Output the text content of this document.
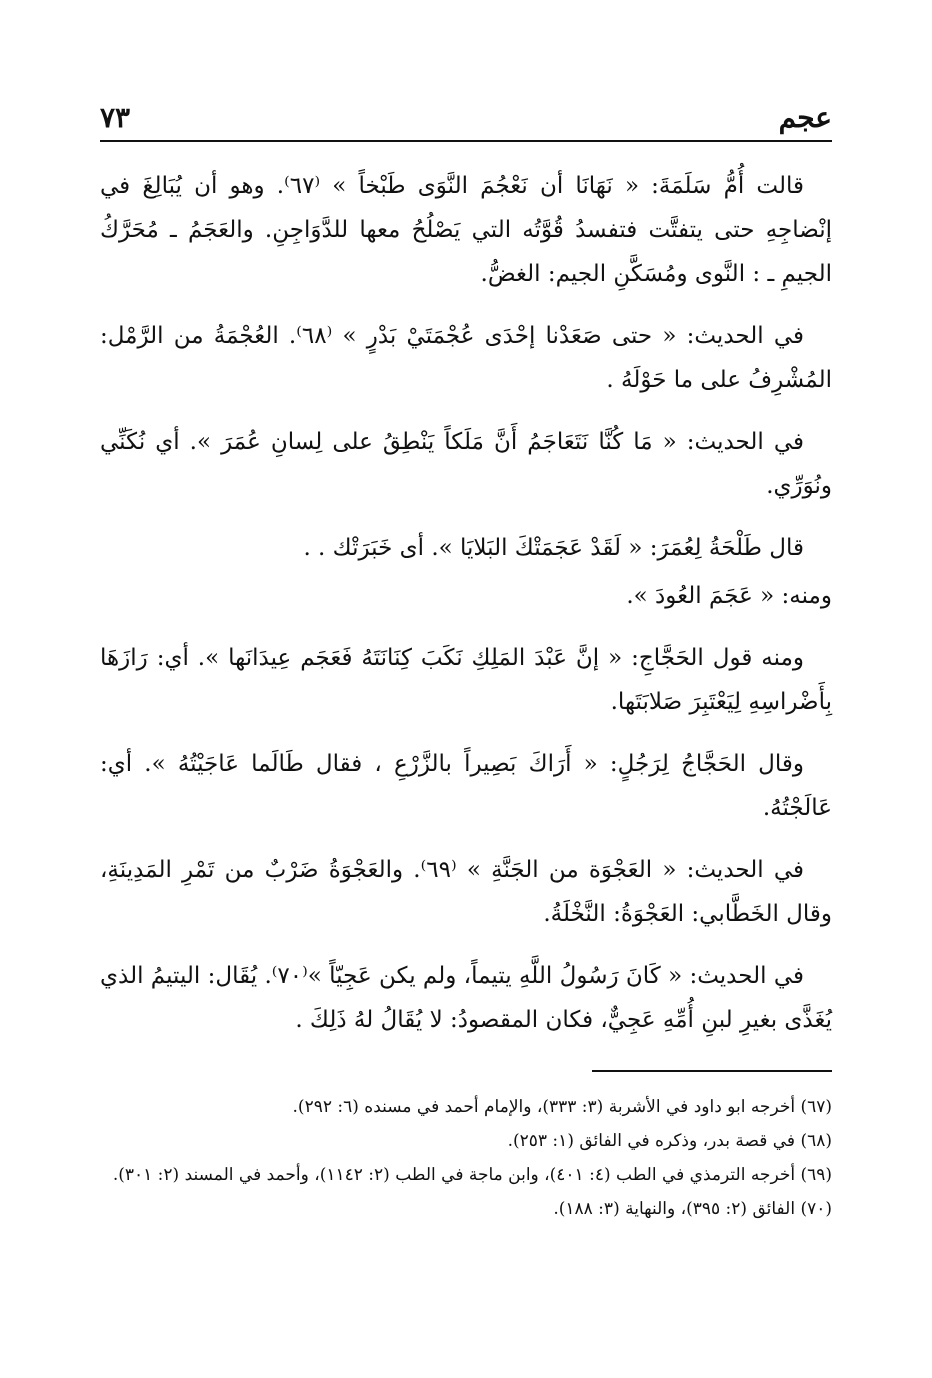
عجم
٧٣

قالت أُمُّ سَلَمَةَ: « نَهَانَا أن نَعْجُمَ النَّوَى طَبْخاً » ⁽٦٧⁾. وهو أن يُبَالِغَ في إنْضاجِهِ حتى يتفتَّت فتفسدُ قُوَّتُه التي يَصْلُحُ معها للدَّوَاجِنِ. والعَجَمُ ـ مُحَرَّكُ الجيمِ ـ : النَّوى ومُسَكَّنِ الجيم: الغضُّ.

في الحديث: « حتى صَعَدْنا إحْدَى عُجْمَتَيْ بَدْرٍ » ⁽٦٨⁾. العُجْمَةُ من الرَّمْل: المُشْرِفُ على ما حَوْلَهُ .

في الحديث: « مَا كُنَّا نَتَعَاجَمُ أَنَّ مَلَكاً يَنْطِقُ على لِسانِ عُمَرَ ». أي نُكَنِّي ونُوَرِّي.

قال طَلْحَةُ لِعُمَرَ: « لَقَدْ عَجَمَتْكَ البَلايَا ». أى خَبَرَتْك . .

ومنه: « عَجَمَ العُودَ ».

ومنه قول الحَجَّاجِ: « إنَّ عَبْدَ المَلِكِ نَكَبَ كِنَانَتَهُ فَعَجَم عِيدَانَها ». أي: رَازَهَا بِأَضْراسِهِ لِيَعْتَبِرَ صَلابَتَها.

وقال الحَجَّاجُ لِرَجُلٍ: « أَرَاكَ بَصِيراً بالزَّرْعِ ، فقال طَالَما عَاجَيْتُهُ ». أي: عَالَجْتُهُ.

في الحديث: « العَجْوَة من الجَنَّةِ » ⁽٦٩⁾. والعَجْوَةُ ضَرْبٌ من تَمْرِ المَدِينَةِ، وقال الخَطَّابي: العَجْوَةُ: النَّخْلَةُ.

في الحديث: « كَانَ رَسُولُ اللَّهِ يتيماً، ولم يكن عَجِيّاً »⁽٧٠⁾. يُقَال: اليتيمُ الذي يُغَذَّى بغيرِ لبنِ أُمِّهِ عَجِيٌّ، فكان المقصودُ: لا يُقَالُ لهُ ذَلِكَ .

(٦٧) أخرجه ابو داود في الأشربة (٣: ٣٣٣)، والإمام أحمد في مسنده (٦: ٢٩٢).

(٦٨) في قصة بدر، وذكره في الفائق (١: ٢٥٣).

(٦٩) أخرجه الترمذي في الطب (٤: ٤٠١)، وابن ماجة في الطب (٢: ١١٤٢)، وأحمد في المسند (٢: ٣٠١).

(٧٠) الفائق (٢: ٣٩٥)، والنهاية (٣: ١٨٨).
